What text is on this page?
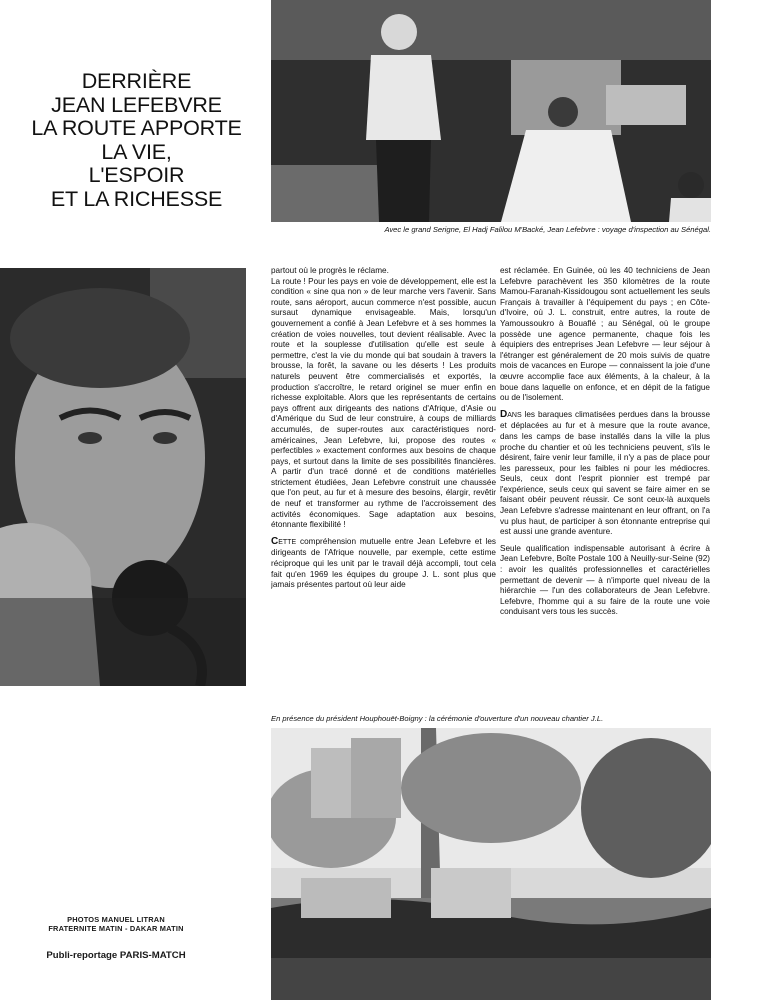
DERRIÈRE
JEAN LEFEBVRE
LA ROUTE APPORTE
LA VIE,
L'ESPOIR
ET LA RICHESSE
Avec le grand Serigne, El Hadj Falilou M'Backé, Jean Lefebvre : voyage d'inspection au Sénégal.

partout où le progrès le réclame.

La route ! Pour les pays en voie de développement, elle est la condition « sine qua non » de leur marche vers l'avenir. Sans route, sans aéroport, aucun commerce n'est possible, aucun sursaut dynamique envisageable. Mais, lorsqu'un gouvernement a confié à Jean Lefebvre et à ses hommes la création de voies nouvelles, tout devient réalisable. Avec la route et la souplesse d'utilisation qu'elle est seule à permettre, c'est la vie du monde qui bat soudain à travers la brousse, la forêt, la savane ou les déserts ! Les produits naturels peuvent être commercialisés et exportés, la production s'accroître, le retard originel se muer enfin en richesse exploitable. Alors que les représentants de certains pays offrent aux dirigeants des nations d'Afrique, d'Asie ou d'Amérique du Sud de leur construire, à coups de milliards accumulés, de super-routes aux caractéristiques nord-américaines, Jean Lefebvre, lui, propose des routes « perfectibles » exactement conformes aux besoins de chaque pays, et surtout dans la limite de ses possibilités financières. A partir d'un tracé donné et de conditions matérielles strictement étudiées, Jean Lefebvre construit une chaussée que l'on peut, au fur et à mesure des besoins, élargir, revêtir de neuf et transformer au rythme de l'accroissement des activités économiques. Sage adaptation aux besoins, étonnante flexibilité !

CETTE compréhension mutuelle entre Jean Lefebvre et les dirigeants de l'Afrique nouvelle, par exemple, cette estime réciproque qui les unit par le travail déjà accompli, tout cela fait qu'en 1969 les équipes du groupe J. L. sont plus que jamais présentes partout où leur aide

est réclamée. En Guinée, où les 40 techniciens de Jean Lefebvre parachèvent les 350 kilomètres de la route Mamou-Faranah-Kissidougou sont actuellement les seuls Français à travailler à l'équipement du pays ; en Côte-d'Ivoire, où J. L. construit, entre autres, la route de Yamoussoukro à Bouaflé ; au Sénégal, où le groupe possède une agence permanente, chaque fois les équipiers des entreprises Jean Lefebvre — leur séjour à l'étranger est généralement de 20 mois suivis de quatre mois de vacances en Europe — connaissent la joie d'une œuvre accomplie face aux éléments, à la chaleur, à la boue dans laquelle on enfonce, et en dépit de la fatigue ou de l'isolement.

DANS les baraques climatisées perdues dans la brousse et déplacées au fur et à mesure que la route avance, dans les camps de base installés dans la ville la plus proche du chantier et où les techniciens peuvent, s'ils le désirent, faire venir leur famille, il n'y a pas de place pour les paresseux, pour les faibles ni pour les médiocres. Seuls, ceux dont l'esprit pionnier est trempé par l'expérience, seuls ceux qui savent se faire aimer en se faisant obéir peuvent réussir. Ce sont ceux-là auxquels Jean Lefebvre s'adresse maintenant en leur offrant, on l'a vu plus haut, de participer à son étonnante entreprise qui est aussi une grande aventure.

Seule qualification indispensable autorisant à écrire à Jean Lefebvre, Boîte Postale 100 à Neuilly-sur-Seine (92) : avoir les qualités professionnelles et caractérielles permettant de devenir — à n'importe quel niveau de la hiérarchie — l'un des collaborateurs de Jean Lefebvre. Lefebvre, l'homme qui a su faire de la route une voie conduisant vers tous les succès.

En présence du président Houphouët-Boigny : la cérémonie d'ouverture d'un nouveau chantier J.L.
PHOTOS MANUEL LITRAN
FRATERNITE MATIN - DAKAR MATIN
Publi-reportage PARIS-MATCH
